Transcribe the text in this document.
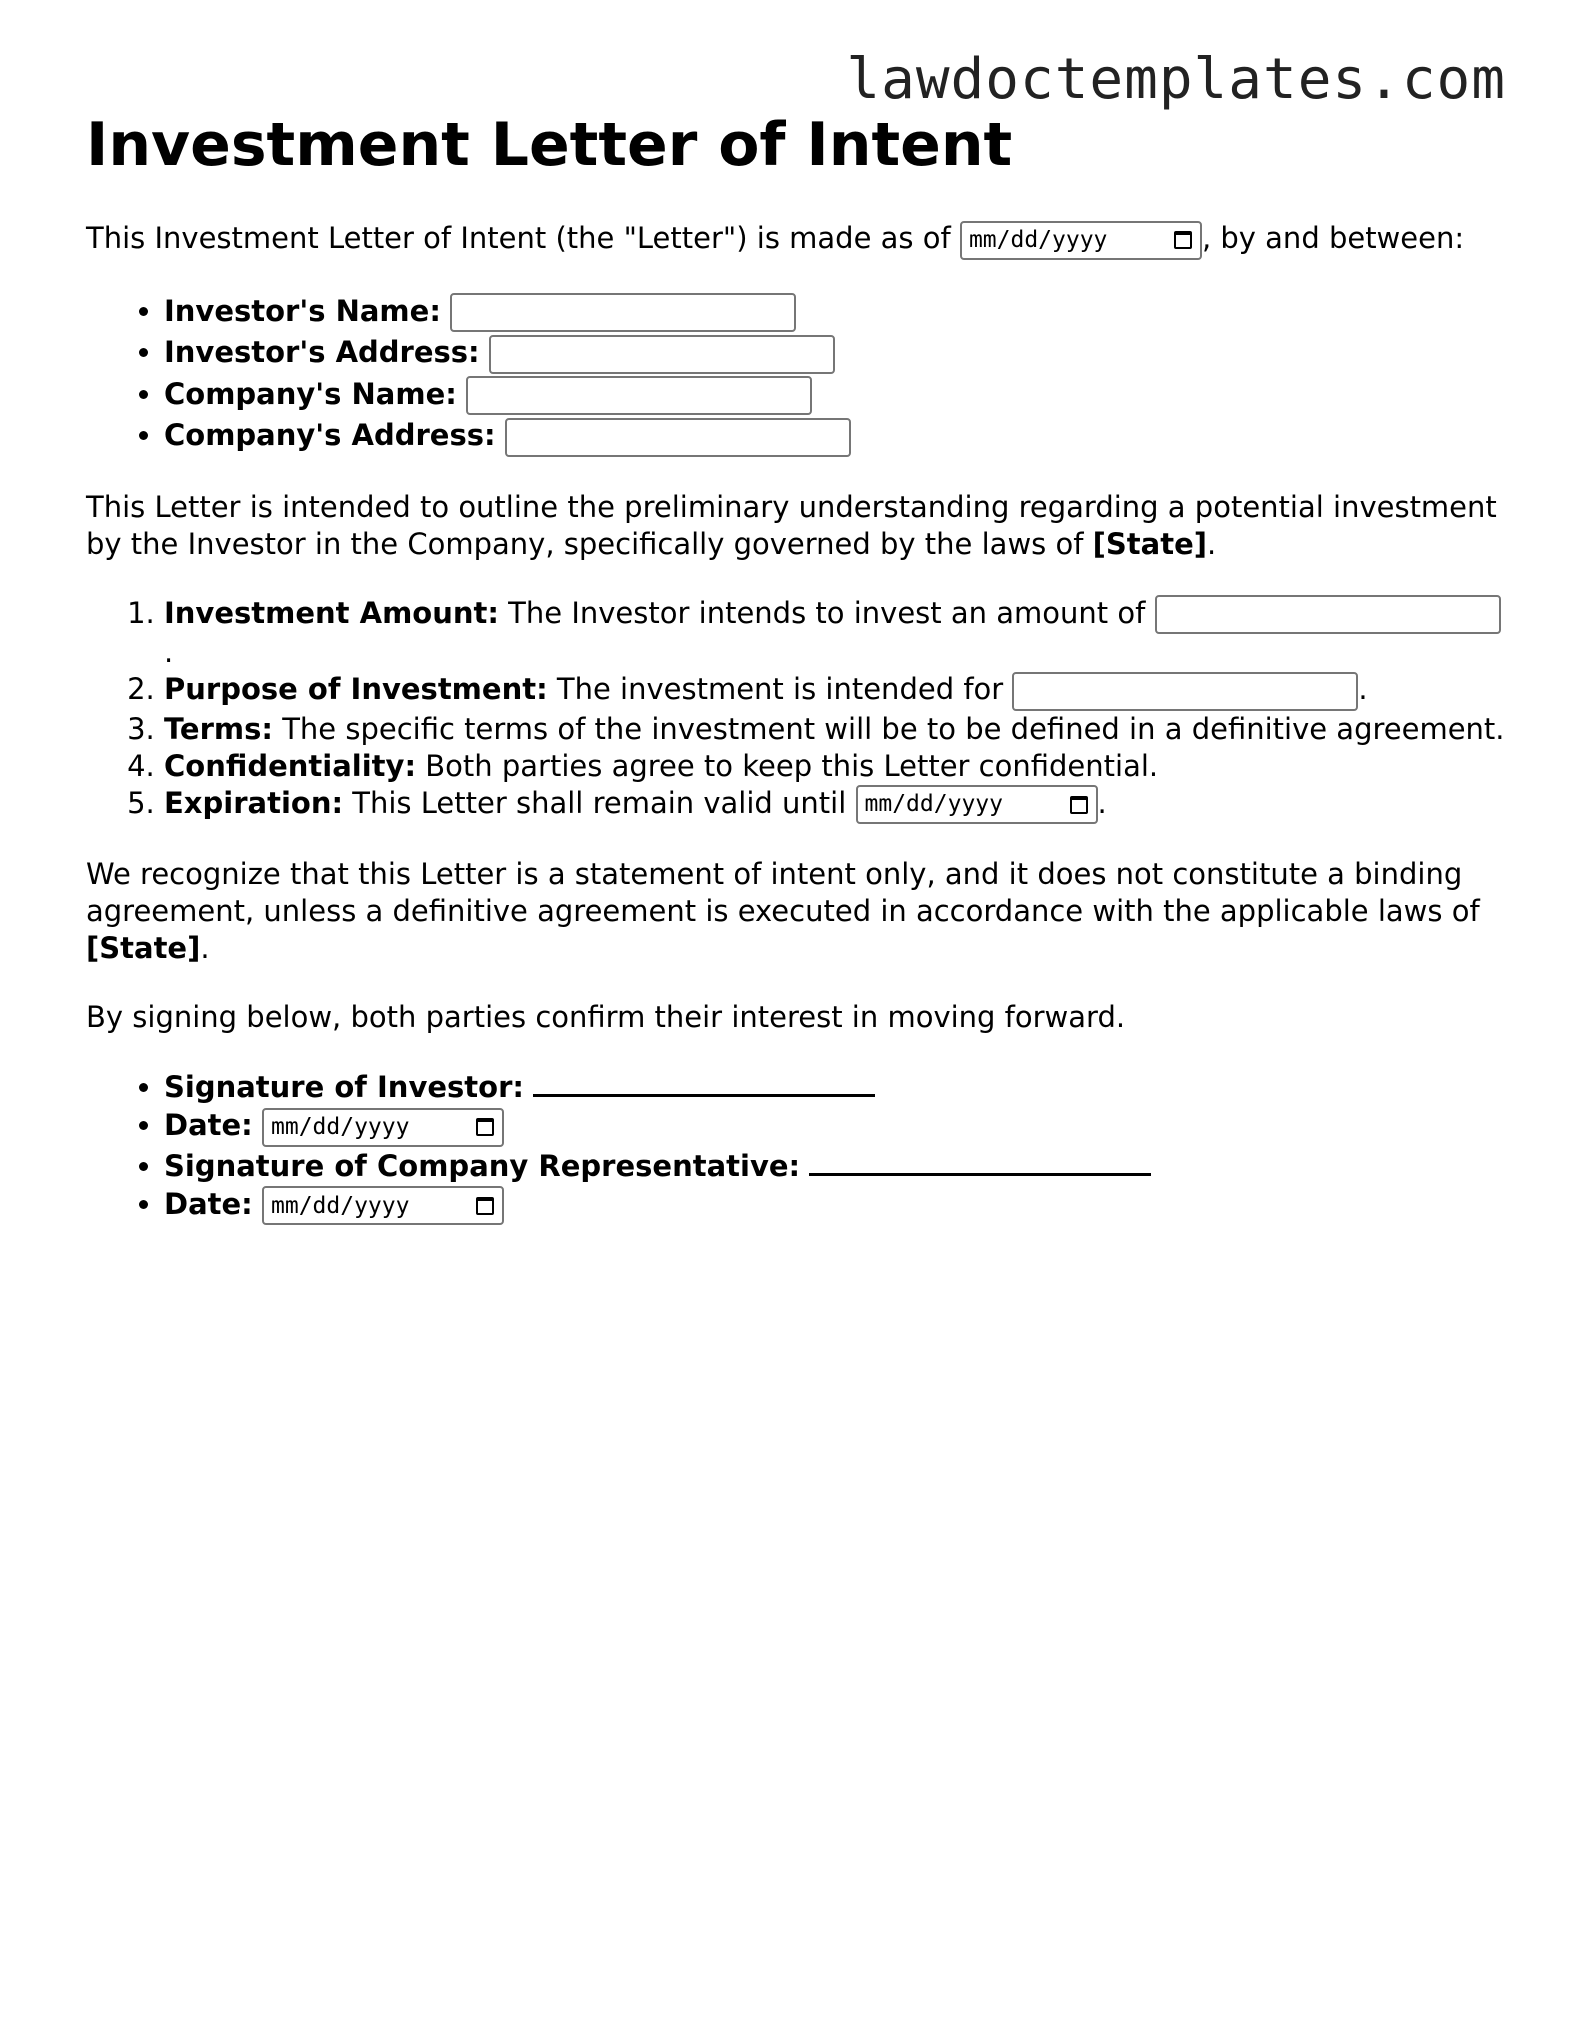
lawdoctemplates.com
Investment Letter of Intent

This Investment Letter of Intent (the "Letter") is made as of mm/dd/yyyy	, by and between:

• Investor's Name:
• Investor's Address:
• Company's Name:
• Company's Address:

This Letter is intended to outline the preliminary understanding regarding a potential investment by the Investor in the Company, specifically governed by the laws of [State].

1. Investment Amount: The Investor intends to invest an amount of .
2. Purpose of Investment: The investment is intended for	.
3. Terms: The specific terms of the investment will be to be defined in a definitive agreement.
4. Confidentiality: Both parties agree to keep this Letter confidential.
5. Expiration: This Letter shall remain valid until mm/dd/yyyy	.

We recognize that this Letter is a statement of intent only, and it does not constitute a binding agreement, unless a definitive agreement is executed in accordance with the applicable laws of [State].

By signing below, both parties confirm their interest in moving forward.

• Signature of Investor:
• Date: mm/dd/yyyy
• Signature of Company Representative:
• Date: mm/dd/yyyy
